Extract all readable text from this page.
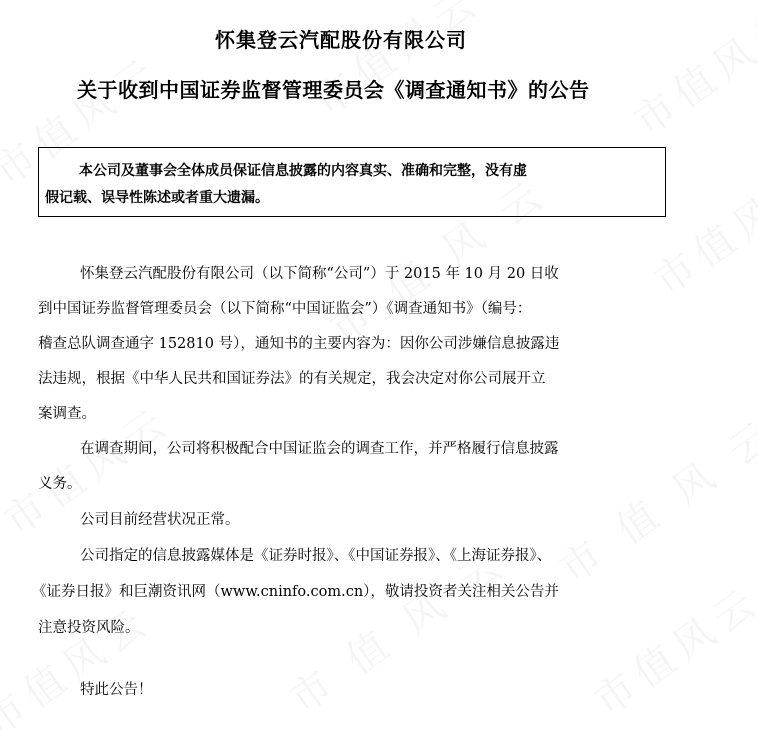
怀集登云汽配股份有限公司
关于收到中国证券监督管理委员会《调查通知书》的公告
本公司及董事会全体成员保证信息披露的内容真实、准确和完整，没有虚
假记载、误导性陈述或者重大遗漏。
怀集登云汽配股份有限公司（以下简称“公司”）于 2015 年 10 月 20 日收
到中国证券监督管理委员会（以下简称“中国证监会”）《调查通知书》（编号：
稽查总队调查通字 152810 号），通知书的主要内容为：因你公司涉嫌信息披露违
法违规，根据《中华人民共和国证券法》的有关规定，我会决定对你公司展开立
案调查。
在调查期间，公司将积极配合中国证监会的调查工作，并严格履行信息披露
义务。
公司目前经营状况正常。
公司指定的信息披露媒体是《证券时报》、《中国证券报》、《上海证券报》、
《证券日报》和巨潮资讯网（www.cninfo.com.cn），敬请投资者关注相关公告并
注意投资风险。
特此公告！
